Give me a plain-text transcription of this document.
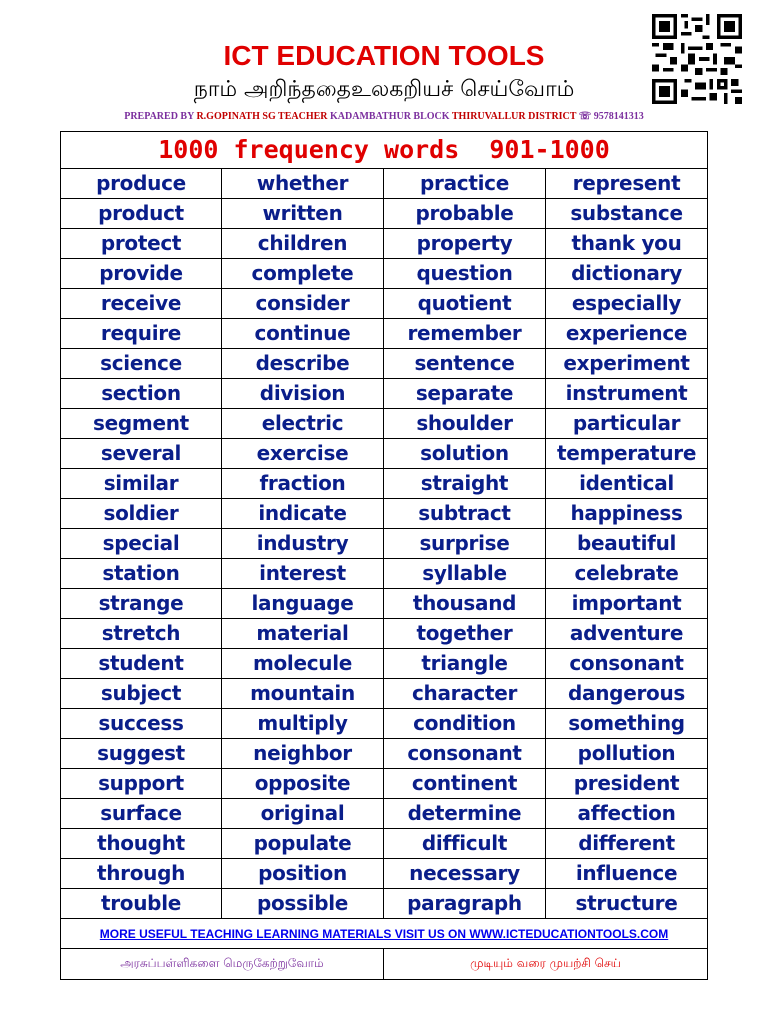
ICT EDUCATION TOOLS
நாம் அறிந்ததைஉலகறியச் செய்வோம்
PREPARED BY R.GOPINATH SG TEACHER KADAMBATHUR BLOCK THIRUVALLUR DISTRICT ☏ 9578141313
1000 frequency words  901-1000			
produce	whether	practice	represent
product	written	probable	substance
protect	children	property	thank you
provide	complete	question	dictionary
receive	consider	quotient	especially
require	continue	remember	experience
science	describe	sentence	experiment
section	division	separate	instrument
segment	electric	shoulder	particular
several	exercise	solution	temperature
similar	fraction	straight	identical
soldier	indicate	subtract	happiness
special	industry	surprise	beautiful
station	interest	syllable	celebrate
strange	language	thousand	important
stretch	material	together	adventure
student	molecule	triangle	consonant
subject	mountain	character	dangerous
success	multiply	condition	something
suggest	neighbor	consonant	pollution
support	opposite	continent	president
surface	original	determine	affection
thought	populate	difficult	different
through	position	necessary	influence
trouble	possible	paragraph	structure
MORE USEFUL TEACHING LEARNING MATERIALS VISIT US ON WWW.ICTEDUCATIONTOOLS.COM			
அரசுப்பள்ளிகளை மெருகேற்றுவோம்		முடியும் வரை முயற்சி செய்	
